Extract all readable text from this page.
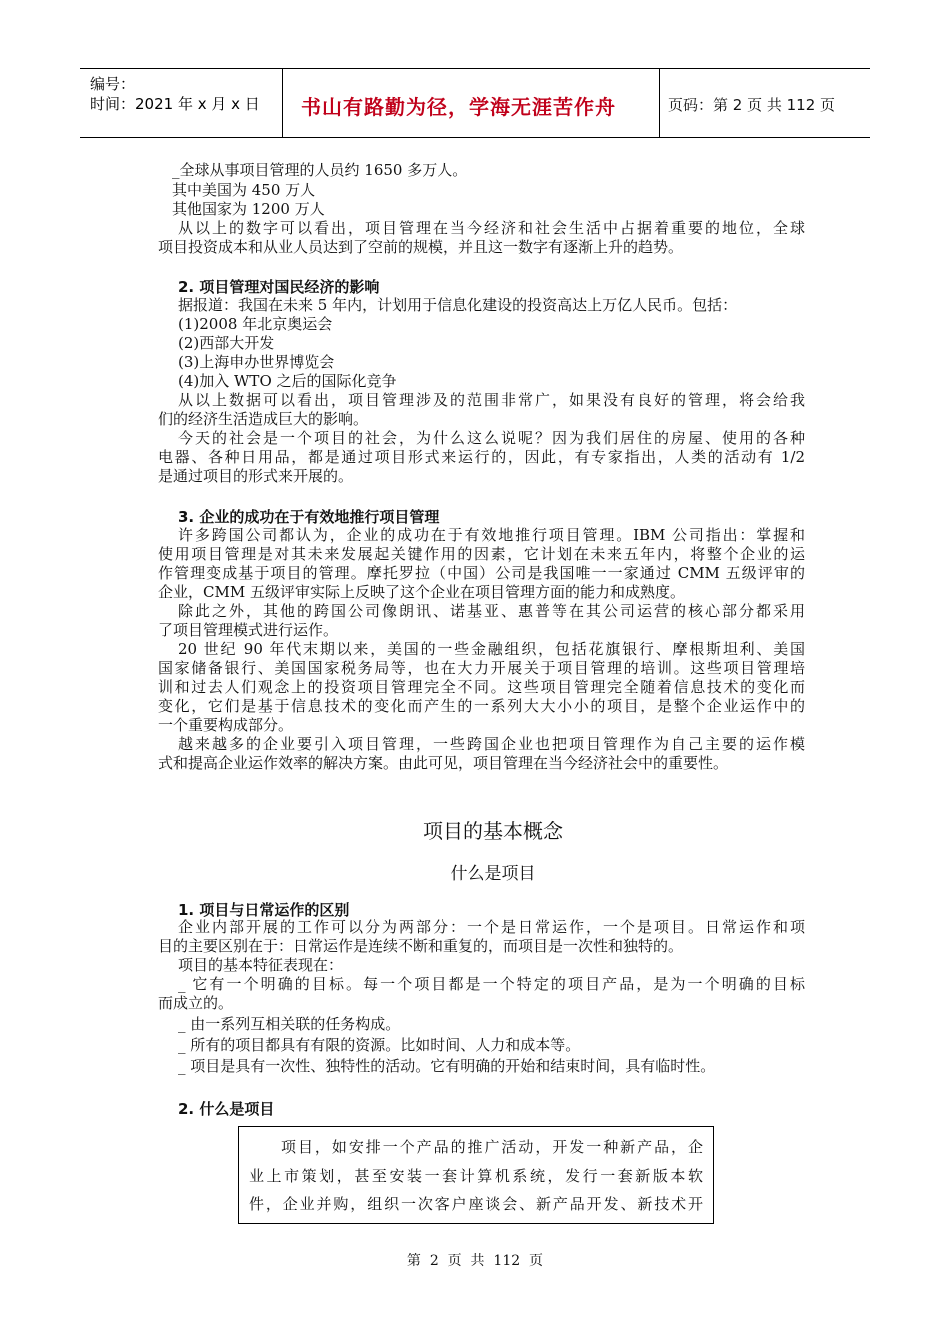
编号：
时间：2021 年 x 月 x 日 书山有路勤为径，学海无涯苦作舟	页码：第 2 页 共 112 页
_全球从事项目管理的人员约 1650 多万人。
其中美国为 450 万人
其他国家为 1200 万人
从以上的数字可以看出，项目管理在当今经济和社会生活中占据着重要的地位，全球
项目投资成本和从业人员达到了空前的规模，并且这一数字有逐渐上升的趋势。
2. 项目管理对国民经济的影响
据报道：我国在未来 5 年内，计划用于信息化建设的投资高达上万亿人民币。包括：
(1)2008 年北京奥运会
(2)西部大开发
(3)上海申办世界博览会
(4)加入 WTO 之后的国际化竞争
从以上数据可以看出，项目管理涉及的范围非常广，如果没有良好的管理，将会给我
们的经济生活造成巨大的影响。
今天的社会是一个项目的社会，为什么这么说呢？因为我们居住的房屋、使用的各种
电器、各种日用品，都是通过项目形式来运行的，因此，有专家指出，人类的活动有 1/2
是通过项目的形式来开展的。
3. 企业的成功在于有效地推行项目管理
许多跨国公司都认为，企业的成功在于有效地推行项目管理。IBM 公司指出：掌握和
使用项目管理是对其未来发展起关键作用的因素，它计划在未来五年内，将整个企业的运
作管理变成基于项目的管理。摩托罗拉（中国）公司是我国唯一一家通过 CMM 五级评审的
企业，CMM 五级评审实际上反映了这个企业在项目管理方面的能力和成熟度。
除此之外，其他的跨国公司像朗讯、诺基亚、惠普等在其公司运营的核心部分都采用
了项目管理模式进行运作。
20 世纪 90 年代末期以来，美国的一些金融组织，包括花旗银行、摩根斯坦利、美国
国家储备银行、美国国家税务局等，也在大力开展关于项目管理的培训。这些项目管理培
训和过去人们观念上的投资项目管理完全不同。这些项目管理完全随着信息技术的变化而
变化，它们是基于信息技术的变化而产生的一系列大大小小的项目，是整个企业运作中的
一个重要构成部分。
越来越多的企业要引入项目管理，一些跨国企业也把项目管理作为自己主要的运作模
式和提高企业运作效率的解决方案。由此可见，项目管理在当今经济社会中的重要性。
项目的基本概念
什么是项目
1. 项目与日常运作的区别
企业内部开展的工作可以分为两部分：一个是日常运作，一个是项目。日常运作和项
目的主要区别在于：日常运作是连续不断和重复的，而项目是一次性和独特的。
项目的基本特征表现在：
_ 它有一个明确的目标。每一个项目都是一个特定的项目产品，是为一个明确的目标
而成立的。
_ 由一系列互相关联的任务构成。
_ 所有的项目都具有有限的资源。比如时间、人力和成本等。
_ 项目是具有一次性、独特性的活动。它有明确的开始和结束时间，具有临时性。
2. 什么是项目
项目，如安排一个产品的推广活动，开发一种新产品，企
业上市策划，甚至安装一套计算机系统，发行一套新版本软
件，企业并购，组织一次客户座谈会、新产品开发、新技术开
第  2  页  共  112  页
